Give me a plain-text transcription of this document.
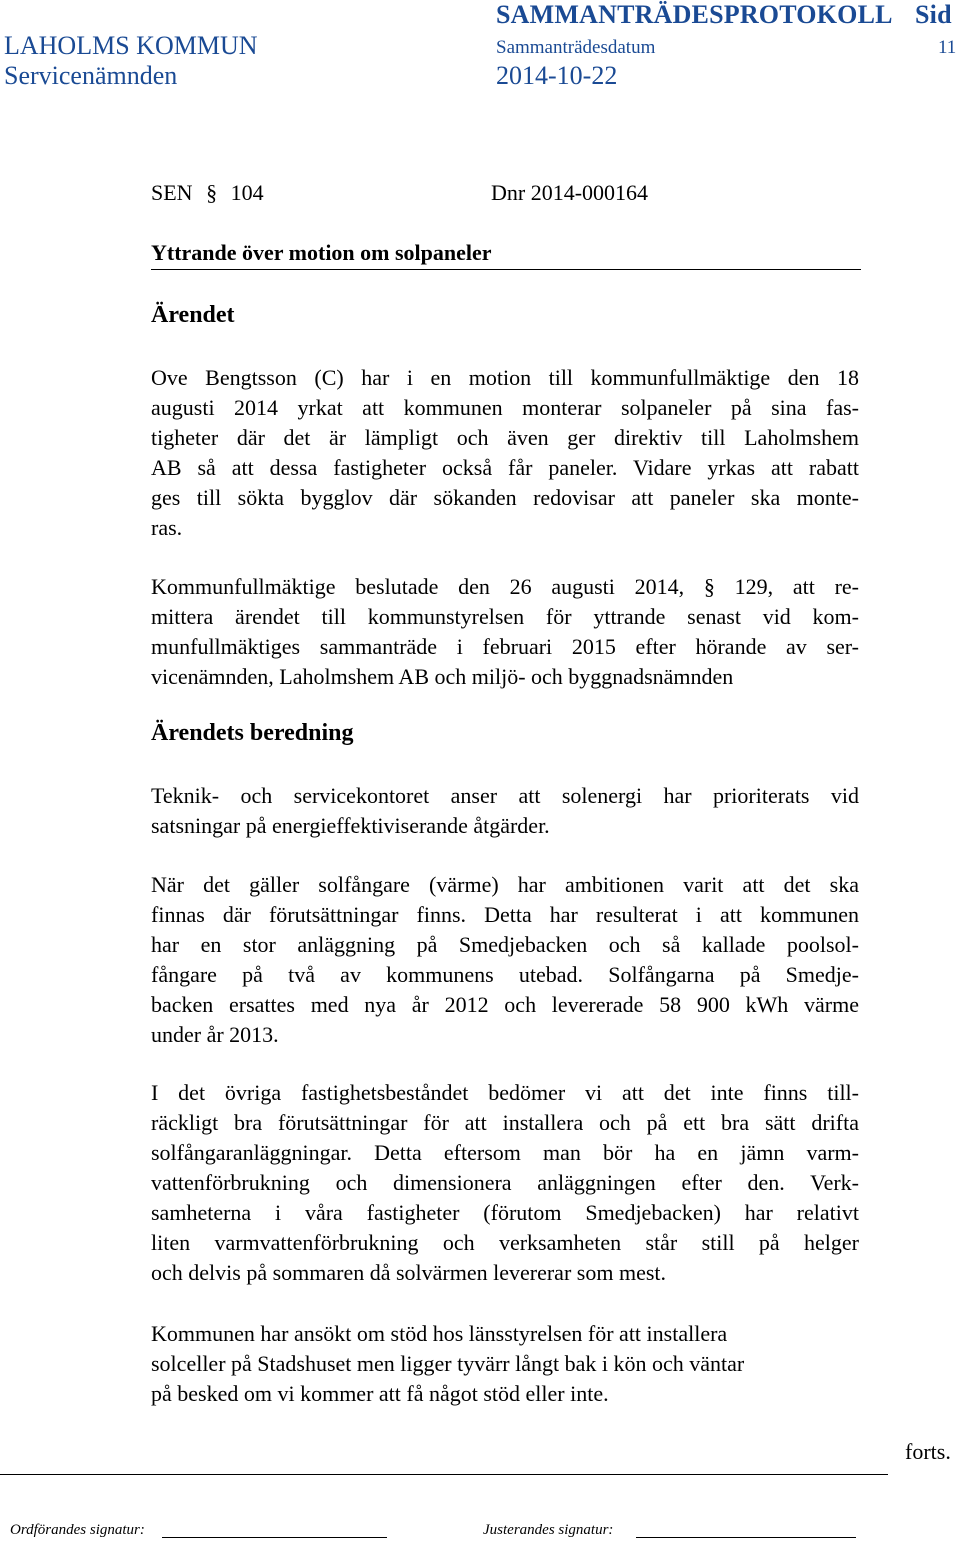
SAMMANTRÄDESPROTOKOLL Sid
LAHOLMS KOMMUN	Sammanträdesdatum	11
Servicenämnden	2014-10-22
SEN § 104	Dnr 2014-000164
Yttrande över motion om solpaneler
Ärendet
Ove Bengtsson (C) har i en motion till kommunfullmäktige den 18
augusti 2014 yrkat att kommunen monterar solpaneler på sina fas-
tigheter där det är lämpligt och även ger direktiv till Laholmshem
AB så att dessa fastigheter också får paneler. Vidare yrkas att rabatt
ges till sökta bygglov där sökanden redovisar att paneler ska monte-
ras.
Kommunfullmäktige beslutade den 26 augusti 2014, § 129, att re-
mittera ärendet till kommunstyrelsen för yttrande senast vid kom-
munfullmäktiges sammanträde i februari 2015 efter hörande av ser-
vicenämnden, Laholmshem AB och miljö- och byggnadsnämnden
Ärendets beredning
Teknik- och servicekontoret anser att solenergi har prioriterats vid
satsningar på energieffektiviserande åtgärder.
När det gäller solfångare (värme) har ambitionen varit att det ska
finnas där förutsättningar finns. Detta har resulterat i att kommunen
har en stor anläggning på Smedjebacken och så kallade poolsol-
fångare på två av kommunens utebad. Solfångarna på Smedje-
backen ersattes med nya år 2012 och levererade 58 900 kWh värme
under år 2013.
I det övriga fastighetsbeståndet bedömer vi att det inte finns till-
räckligt bra förutsättningar för att installera och på ett bra sätt drifta
solfångaranläggningar. Detta eftersom man bör ha en jämn varm-
vattenförbrukning och dimensionera anläggningen efter den. Verk-
samheterna i våra fastigheter (förutom Smedjebacken) har relativt
liten varmvattenförbrukning och verksamheten står still på helger
och delvis på sommaren då solvärmen levererar som mest.
Kommunen har ansökt om stöd hos länsstyrelsen för att installera
solceller på Stadshuset men ligger tyvärr långt bak i kön och väntar
på besked om vi kommer att få något stöd eller inte.
forts.
Ordförandes signatur:	Justerandes signatur:
